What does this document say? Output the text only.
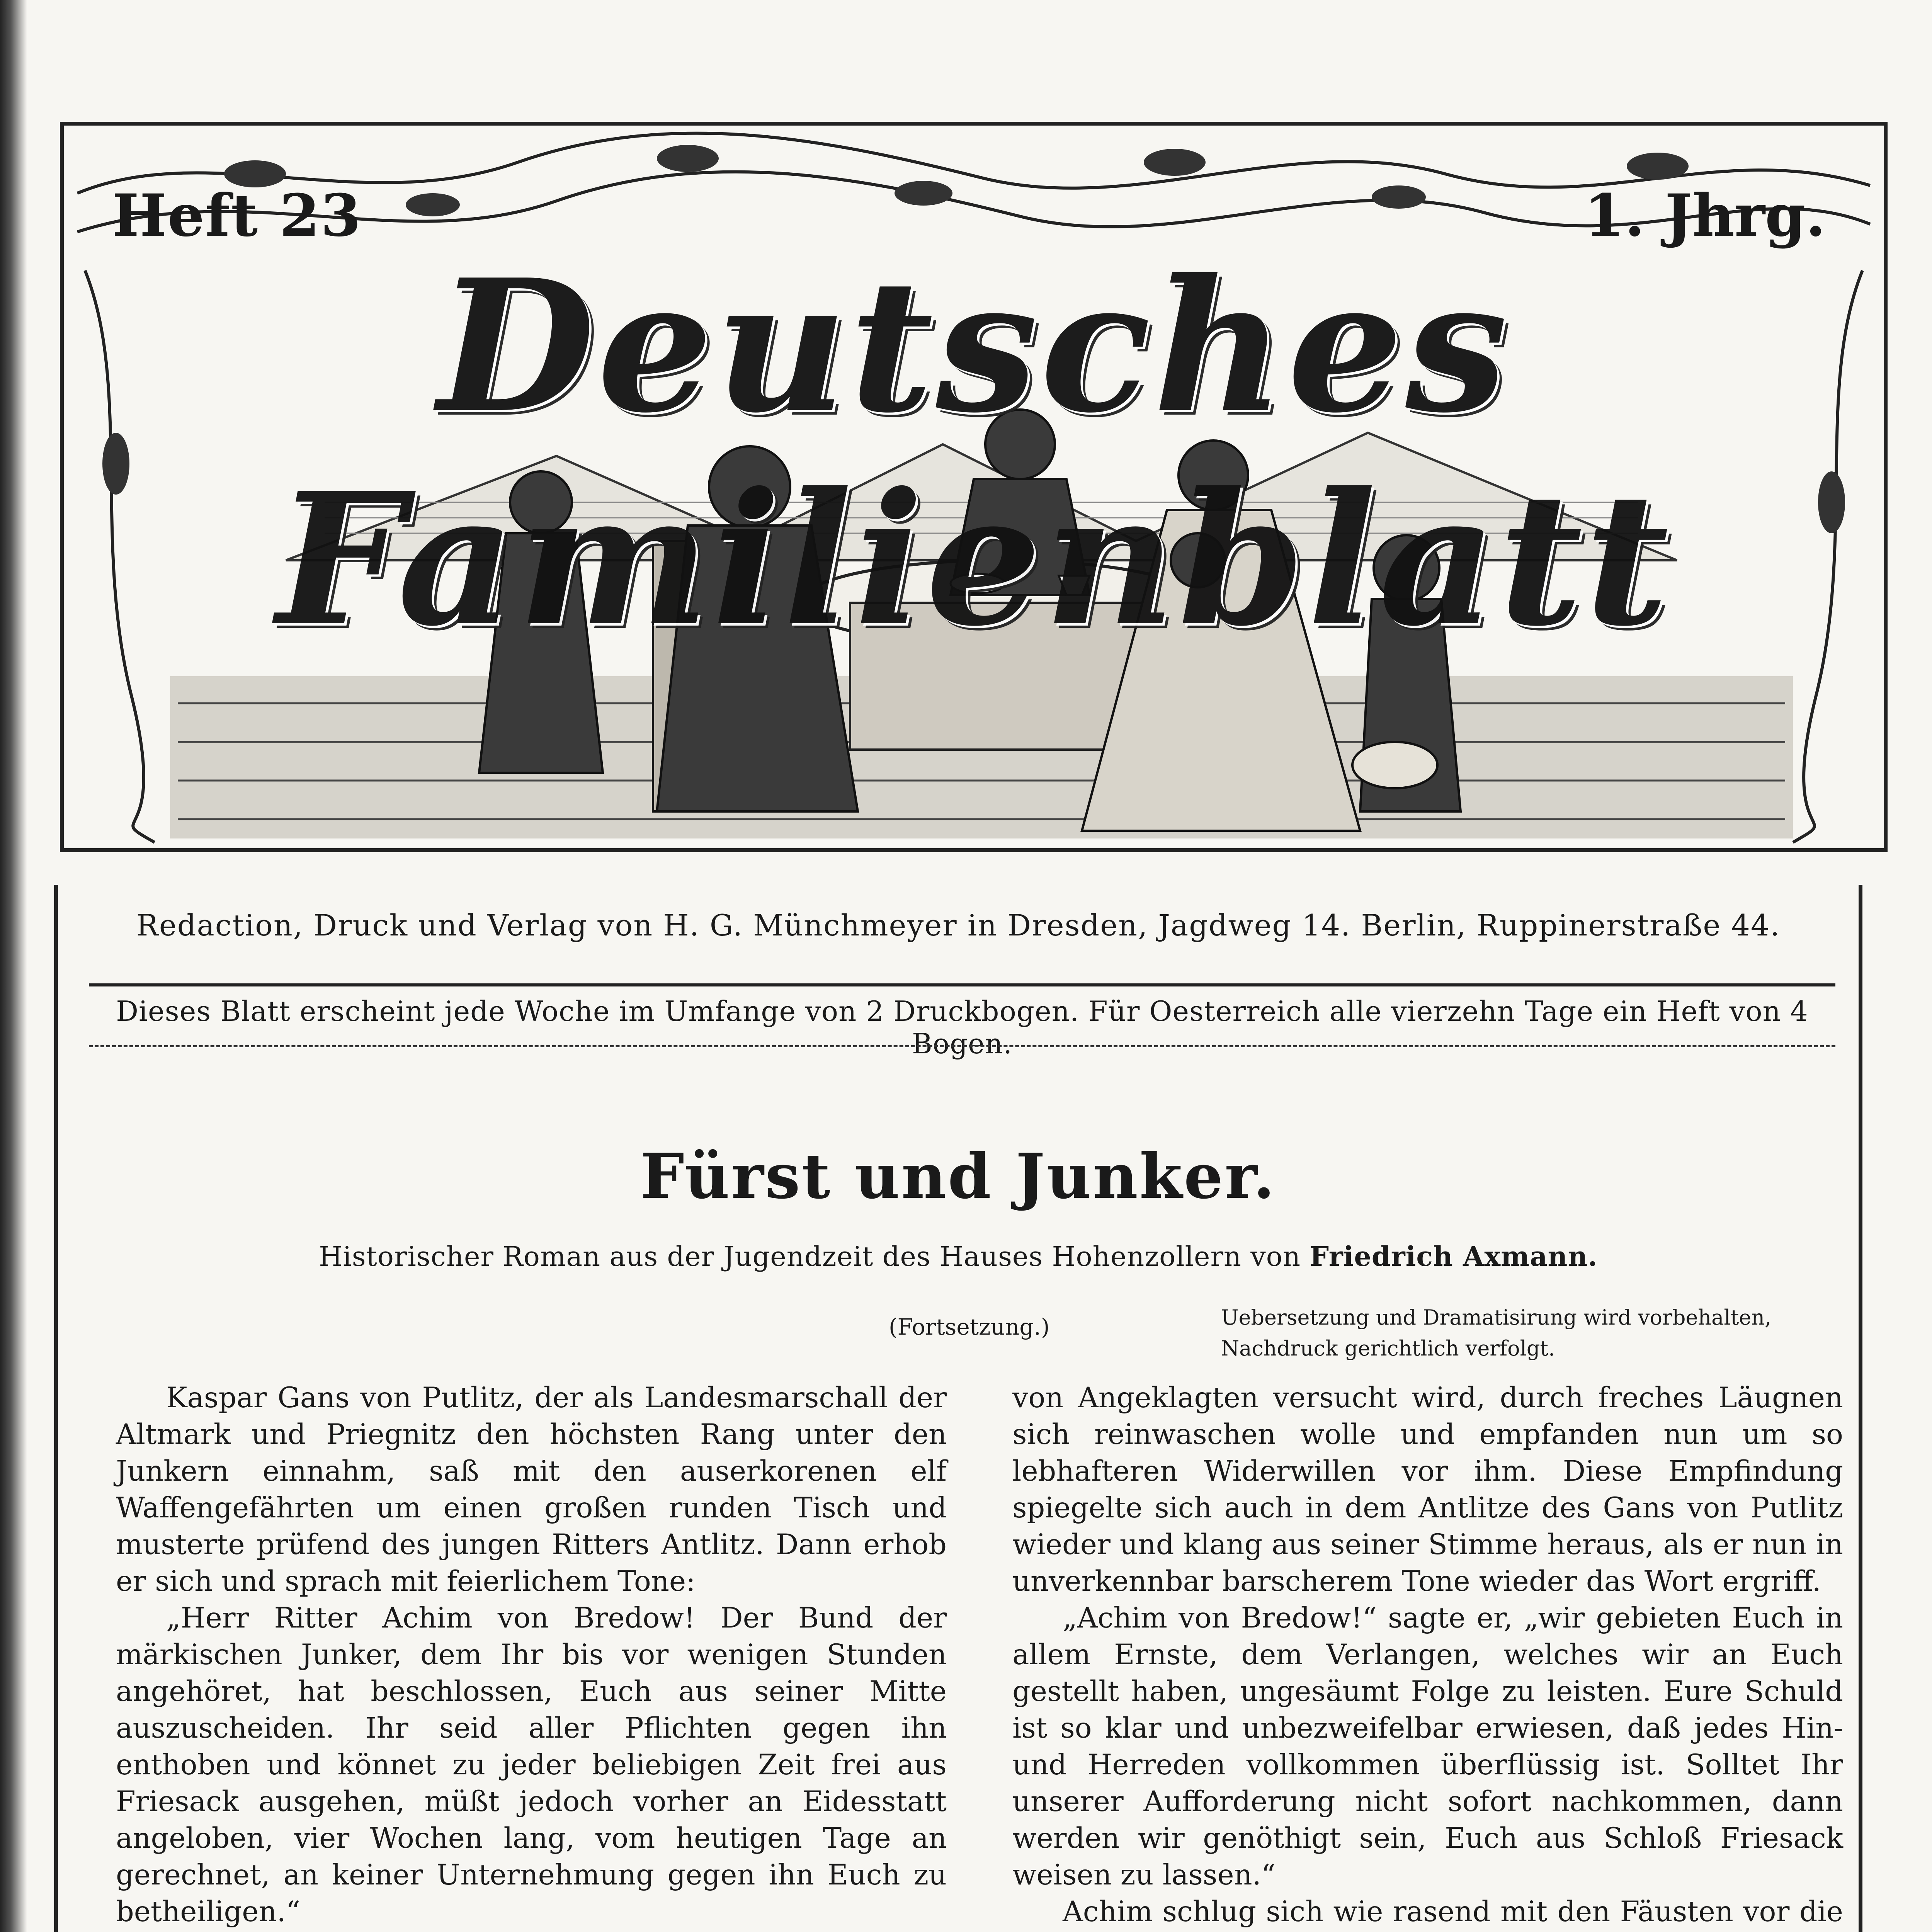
Heft 23	1. Jhrg.
Deutsches Familienblatt
Redaction, Druck und Verlag von H. G. Münchmeyer in Dresden, Jagdweg 14. Berlin, Ruppinerstraße 44.
Dieses Blatt erscheint jede Woche im Umfange von 2 Druckbogen. Für Oesterreich alle vierzehn Tage ein Heft von 4 Bogen.
Fürst und Junker.
Historischer Roman aus der Jugendzeit des Hauses Hohenzollern von Friedrich Axmann.
(Fortsetzung.)	Uebersetzung und Dramatisirung wird vorbehalten,
Nachdruck gerichtlich verfolgt.

Kaspar Gans von Putlitz, der als Landesmarschall der Altmark und Priegnitz den höchsten Rang unter den Junkern einnahm, saß mit den auserkorenen elf Waffengefährten um einen großen runden Tisch und musterte prüfend des jungen Ritters Antlitz. Dann erhob er sich und sprach mit feierlichem Tone:

„Herr Ritter Achim von Bredow! Der Bund der märkischen Junker, dem Ihr bis vor wenigen Stunden angehöret, hat beschlossen, Euch aus seiner Mitte auszuscheiden. Ihr seid aller Pflichten gegen ihn enthoben und könnet zu jeder beliebigen Zeit frei aus Friesack ausgehen, müßt jedoch vorher an Eidesstatt angeloben, vier Wochen lang, vom heutigen Tage an gerechnet, an keiner Unternehmung gegen ihn Euch zu betheiligen.“

von Angeklagten versucht wird, durch freches Läugnen sich reinwaschen wolle und empfanden nun um so lebhafteren Widerwillen vor ihm. Diese Empfindung spiegelte sich auch in dem Antlitze des Gans von Putlitz wieder und klang aus seiner Stimme heraus, als er nun in unverkennbar barscherem Tone wieder das Wort ergriff.

„Achim von Bredow!“ sagte er, „wir gebieten Euch in allem Ernste, dem Verlangen, welches wir an Euch gestellt haben, ungesäumt Folge zu leisten. Eure Schuld ist so klar und unbezweifelbar erwiesen, daß jedes Hin- und Herreden vollkommen überflüssig ist. Solltet Ihr unserer Aufforderung nicht sofort nachkommen, dann werden wir genöthigt sein, Euch aus Schloß Friesack weisen zu lassen.“

Achim schlug sich wie rasend mit den Fäusten vor die
